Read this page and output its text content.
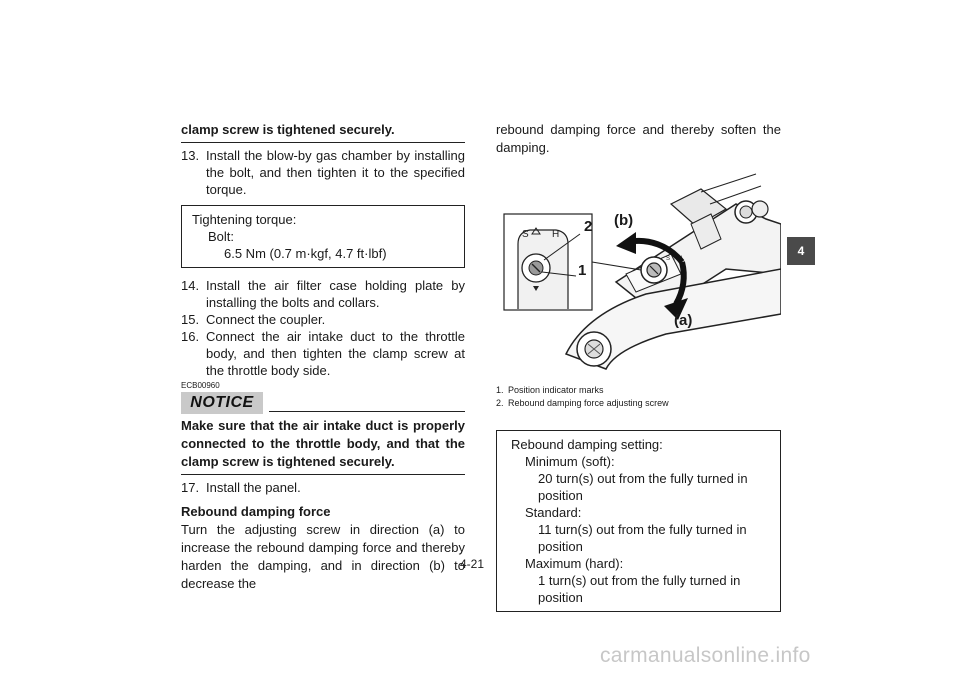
clamp screw is tightened securely.
13. Install the blow-by gas chamber by installing the bolt, and then tighten it to the specified torque.
Tightening torque:
Bolt:
6.5 Nm (0.7 m·kgf, 4.7 ft·lbf)
14. Install the air filter case holding plate by installing the bolts and collars.
15. Connect the coupler.
16. Connect the air intake duct to the throttle body, and then tighten the clamp screw at the throttle body side.
ECB00960
NOTICE
Make sure that the air intake duct is properly connected to the throttle body, and that the clamp screw is tightened securely.
17. Install the panel.
Rebound damping force
Turn the adjusting screw in direction (a) to increase the rebound damping force and thereby harden the damping, and in direction (b) to decrease the
rebound damping force and thereby soften the damping.
S ▽ H
S H 2
1
(b)
(a)
1. Position indicator marks
2. Rebound damping force adjusting screw
Rebound damping setting:
Minimum (soft):
20 turn(s) out from the fully turned in position
Standard:
11 turn(s) out from the fully turned in position
Maximum (hard):
1 turn(s) out from the fully turned in position
4-21
4
carmanualsonline.info
